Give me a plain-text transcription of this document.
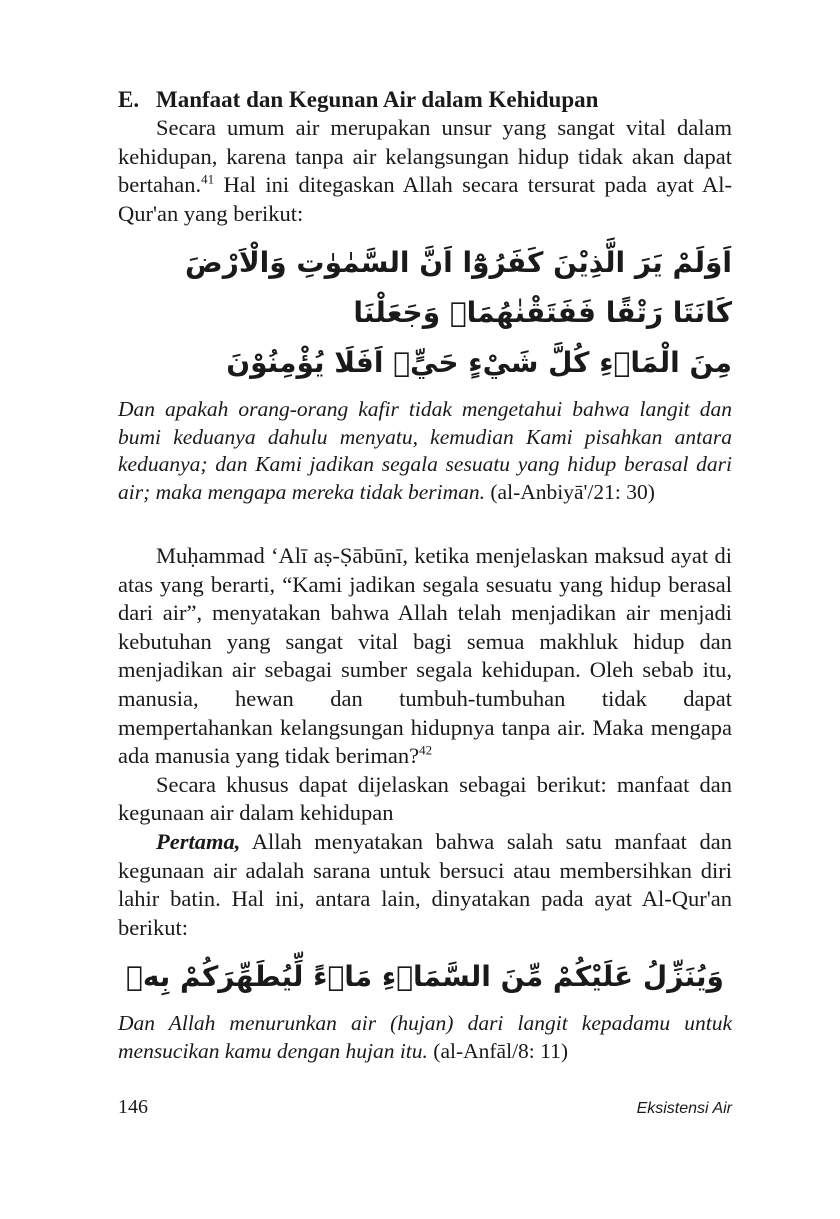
E. Manfaat dan Kegunan Air dalam Kehidupan

Secara umum air merupakan unsur yang sangat vital dalam kehidupan, karena tanpa air kelangsungan hidup tidak akan dapat bertahan.$^{41}$ Hal ini ditegaskan Allah secara tersurat pada ayat Al-Qur'an yang berikut:

اَوَلَمْ يَرَ الَّذِيْنَ كَفَرُوْٓا اَنَّ السَّمٰوٰتِ وَالْاَرْضَ كَانَتَا رَتْقًا فَفَتَقْنٰهُمَاۗ وَجَعَلْنَا

مِنَ الْمَاۤءِ كُلَّ شَيْءٍ حَيٍّۗ اَفَلَا يُؤْمِنُوْنَ

Dan apakah orang-orang kafir tidak mengetahui bahwa langit dan bumi keduanya dahulu menyatu, kemudian Kami pisahkan antara keduanya; dan Kami jadikan segala sesuatu yang hidup berasal dari air; maka mengapa mereka tidak beriman. (al-Anbiyā'/21: 30)

Muḥammad ‘Alī aṣ-Ṣābūnī, ketika menjelaskan maksud ayat di atas yang berarti, “Kami jadikan segala sesuatu yang hidup berasal dari air”, menyatakan bahwa Allah telah menjadikan air menjadi kebutuhan yang sangat vital bagi semua makhluk hidup dan menjadikan air sebagai sumber segala kehidupan. Oleh sebab itu, manusia, hewan dan tumbuh-tumbuhan tidak dapat mempertahankan kelangsungan hidupnya tanpa air. Maka mengapa ada manusia yang tidak beriman?$^{42}$

Secara khusus dapat dijelaskan sebagai berikut: manfaat dan kegunaan air dalam kehidupan

Pertama, Allah menyatakan bahwa salah satu manfaat dan kegunaan air adalah sarana untuk bersuci atau membersihkan diri lahir batin. Hal ini, antara lain, dinyatakan pada ayat Al-Qur'an berikut:

وَيُنَزِّلُ عَلَيْكُمْ مِّنَ السَّمَاۤءِ مَاۤءً لِّيُطَهِّرَكُمْ بِهٖ

Dan Allah menurunkan air (hujan) dari langit kepadamu untuk mensucikan kamu dengan hujan itu. (al-Anfāl/8: 11)

146	Eksistensi Air
